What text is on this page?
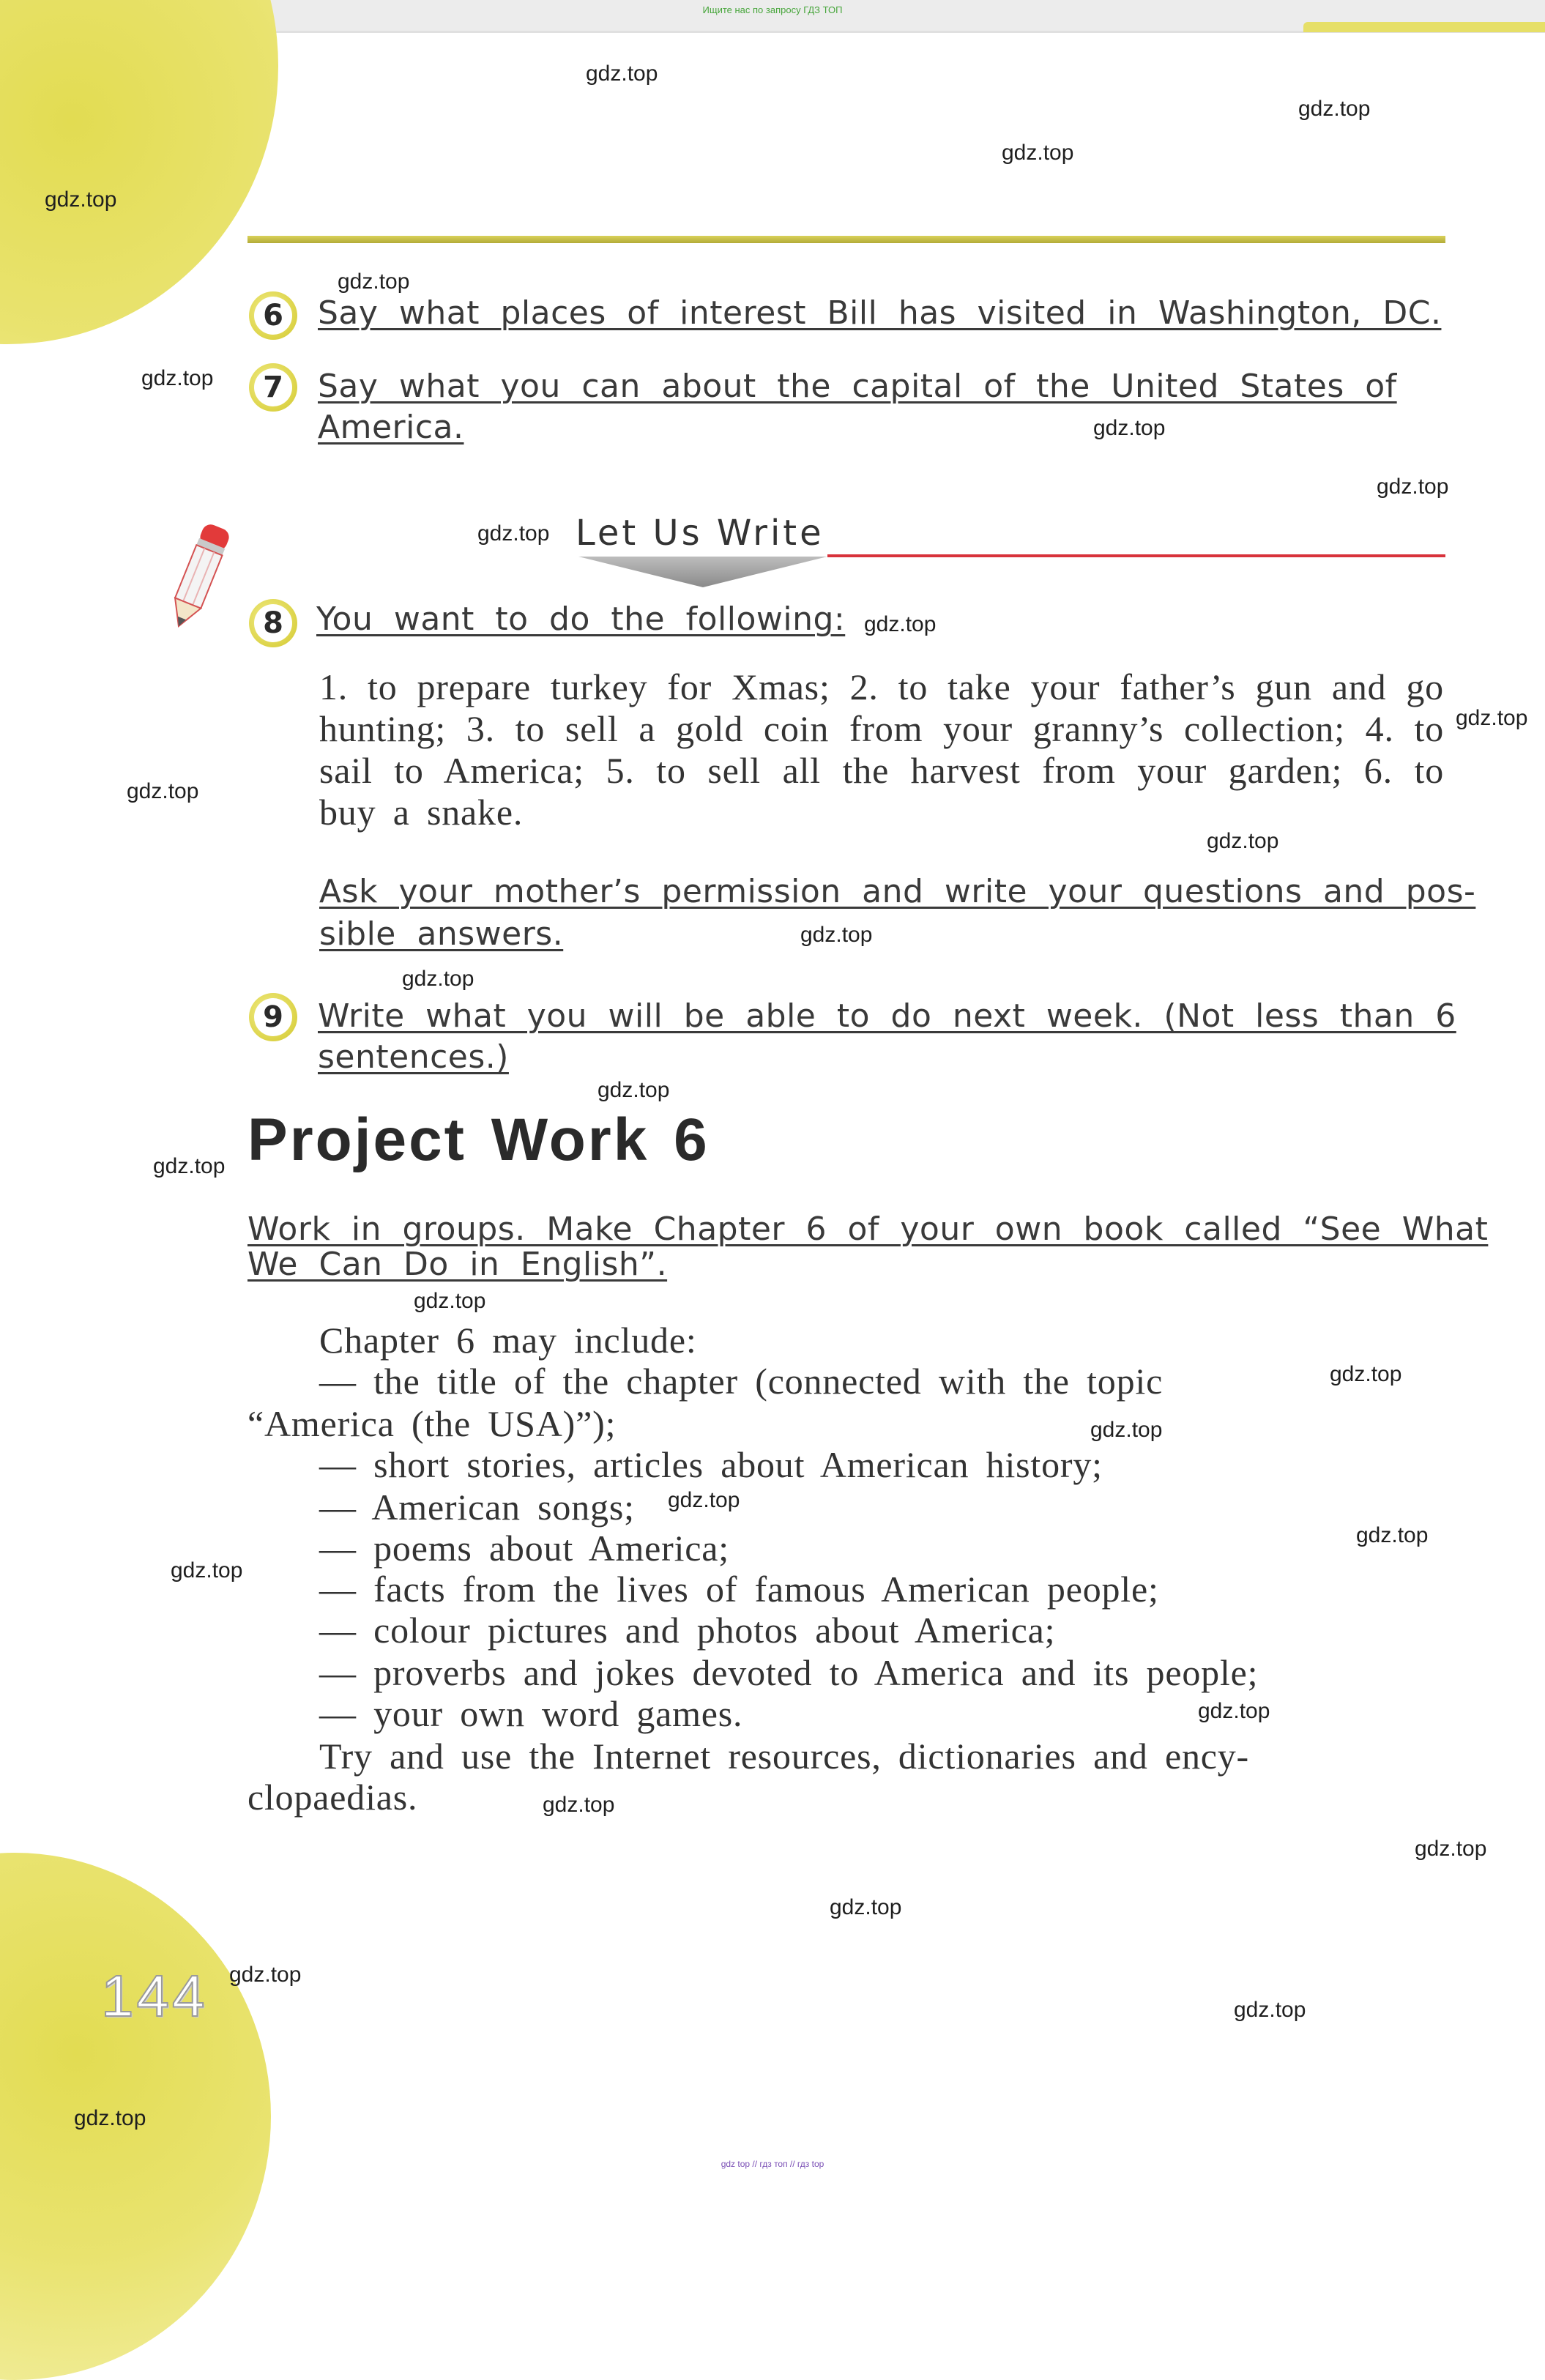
Ищите нас по запросу ГДЗ ТОП
6 Say what places of interest Bill has visited in Washington, DC.
7 Say what you can about the capital of the United States of
America.
Let Us Write
8 You want to do the following:
1. to prepare turkey for Xmas; 2. to take your father’s gun and go hunting; 3. to sell a gold coin from your granny’s collection; 4. to sail to America; 5. to sell all the harvest from your garden; 6. to buy a snake.
Ask your mother’s permission and write your questions and pos-
sible answers.
9 Write what you will be able to do next week. (Not less than 6
sentences.)
Project Work 6
Work in groups. Make Chapter 6 of your own book called “See What
We Can Do in English”.
Chapter 6 may include:
— the title of the chapter (connected with the topic
“America (the USA)”);
— short stories, articles about American history;
— American songs;
— poems about America;
— facts from the lives of famous American people;
— colour pictures and photos about America;
— proverbs and jokes devoted to America and its people;
— your own word games.
Try and use the Internet resources, dictionaries and ency-
clopaedias.
144
gdz.top
gdz.top
gdz.top
gdz.top
gdz.top
gdz.top
gdz.top
gdz.top
gdz.top
gdz.top
gdz.top
gdz.top
gdz.top
gdz.top
gdz.top
gdz.top
gdz.top
gdz.top
gdz.top
gdz.top
gdz.top
gdz.top
gdz.top
gdz.top
gdz.top
gdz.top
gdz.top
gdz.top
gdz.top
gdz.top
gdz top // гдз топ // гдз top
